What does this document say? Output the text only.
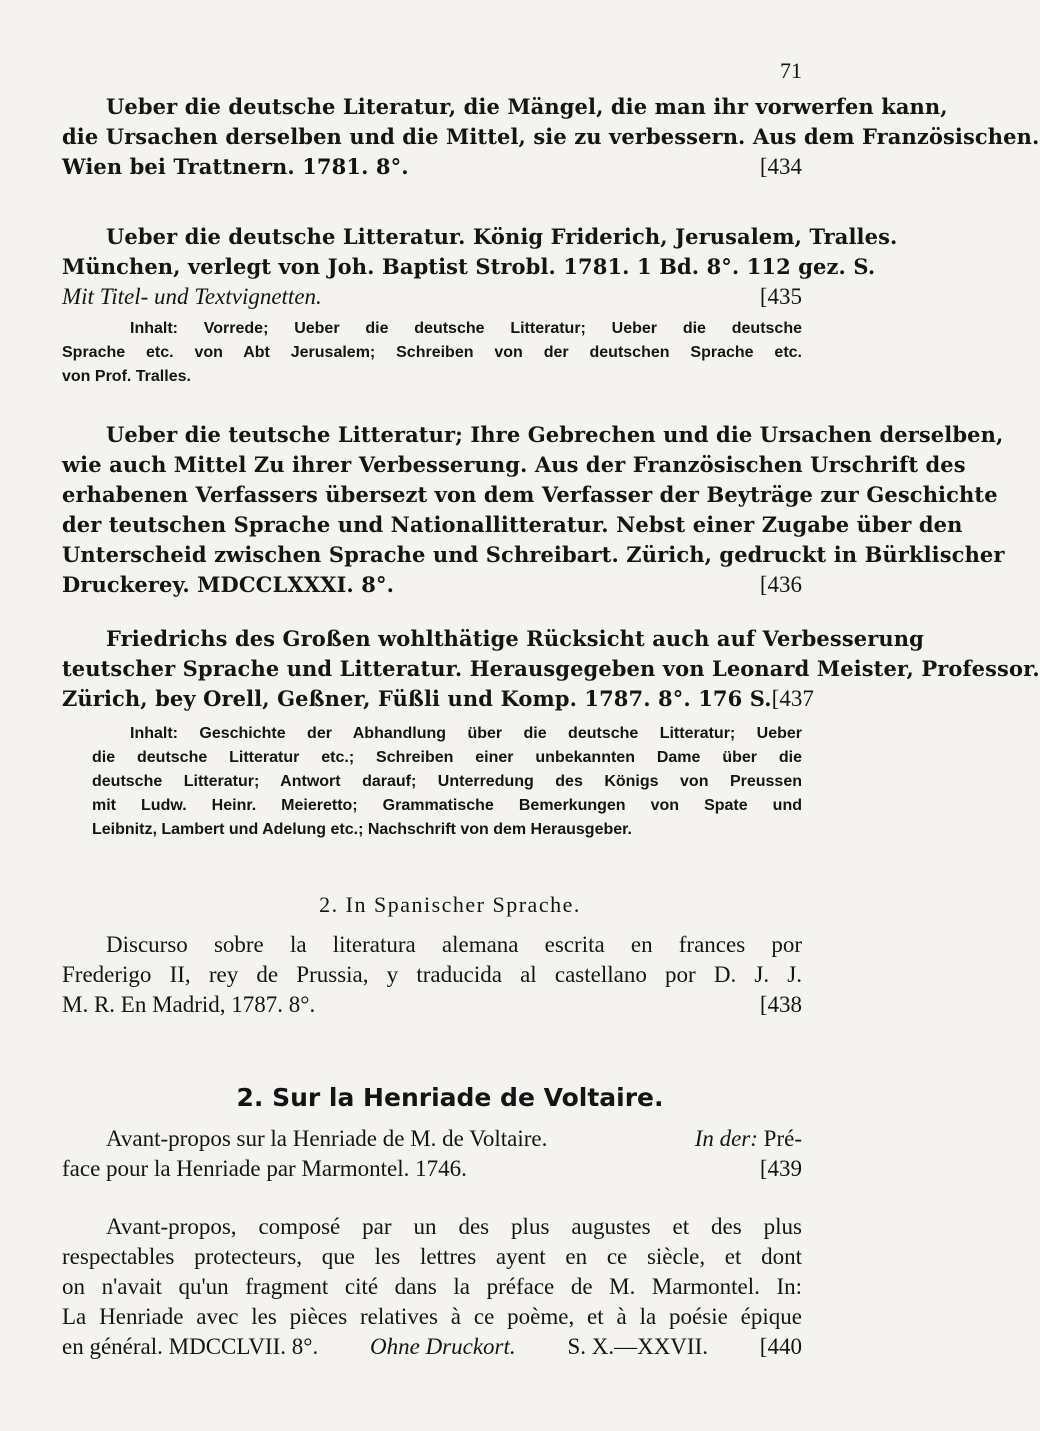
71
Ueber die deutsche Literatur, die Mängel, die man ihr vorwerfen kann,
die Ursachen derselben und die Mittel, sie zu verbessern. Aus dem Französischen.
Wien bei Trattnern. 1781. 8°.	[434
Ueber die deutsche Litteratur. König Friderich, Jerusalem, Tralles.
München, verlegt von Joh. Baptist Strobl. 1781. 1 Bd. 8°. 112 gez. S.
Mit Titel- und Textvignetten.	[435
Inhalt: Vorrede; Ueber die deutsche Litteratur; Ueber die deutsche
Sprache etc. von Abt Jerusalem; Schreiben von der deutschen Sprache etc.
von Prof. Tralles.
Ueber die teutsche Litteratur; Ihre Gebrechen und die Ursachen derselben,
wie auch Mittel Zu ihrer Verbesserung. Aus der Französischen Urschrift des
erhabenen Verfassers übersezt von dem Verfasser der Beyträge zur Geschichte
der teutschen Sprache und Nationallitteratur. Nebst einer Zugabe über den
Unterscheid zwischen Sprache und Schreibart. Zürich, gedruckt in Bürklischer
Druckerey. MDCCLXXXI. 8°.	[436
Friedrichs des Großen wohlthätige Rücksicht auch auf Verbesserung
teutscher Sprache und Litteratur. Herausgegeben von Leonard Meister, Professor.
Zürich, bey Orell, Geßner, Füßli und Komp. 1787. 8°. 176 S. [437
Inhalt: Geschichte der Abhandlung über die deutsche Litteratur; Ueber
die deutsche Litteratur etc.; Schreiben einer unbekannten Dame über die
deutsche Litteratur; Antwort darauf; Unterredung des Königs von Preussen
mit Ludw. Heinr. Meieretto; Grammatische Bemerkungen von Spate und
Leibnitz, Lambert und Adelung etc.; Nachschrift von dem Herausgeber.
2. In Spanischer Sprache.
Discurso sobre la literatura alemana escrita en frances por
Frederigo II, rey de Prussia, y traducida al castellano por D. J. J.
M. R. En Madrid, 1787. 8°.	[438
2. Sur la Henriade de Voltaire.
Avant-propos sur la Henriade de M. de Voltaire.	In der: Pré-
face pour la Henriade par Marmontel. 1746.	[439
Avant-propos, composé par un des plus augustes et des plus
respectables protecteurs, que les lettres ayent en ce siècle, et dont
on n'avait qu'un fragment cité dans la préface de M. Marmontel. In:
La Henriade avec les pièces relatives à ce poème, et à la poésie épique
en général. MDCCLVII. 8°. Ohne Druckort. S. X.—XXVII. [440
